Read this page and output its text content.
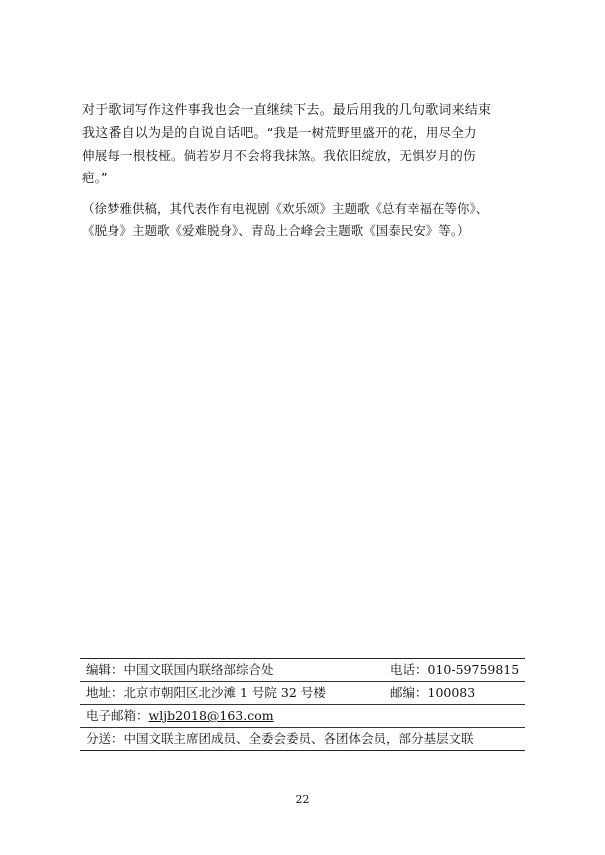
对于歌词写作这件事我也会一直继续下去。最后用我的几句歌词来结束
我这番自以为是的自说自话吧。“我是一树荒野里盛开的花，用尽全力
伸展每一根枝桠。倘若岁月不会将我抹煞。我依旧绽放，无惧岁月的伤
疤。”
（徐梦雅供稿，其代表作有电视剧《欢乐颂》主题歌《总有幸福在等你》、
《脱身》主题歌《爱难脱身》、青岛上合峰会主题歌《国泰民安》等。）
编辑：中国文联国内联络部综合处	电话：010-59759815
地址：北京市朝阳区北沙滩 1 号院 32 号楼	邮编：100083
电子邮箱：wljb2018@163.com
分送：中国文联主席团成员、全委会委员、各团体会员，部分基层文联
22
